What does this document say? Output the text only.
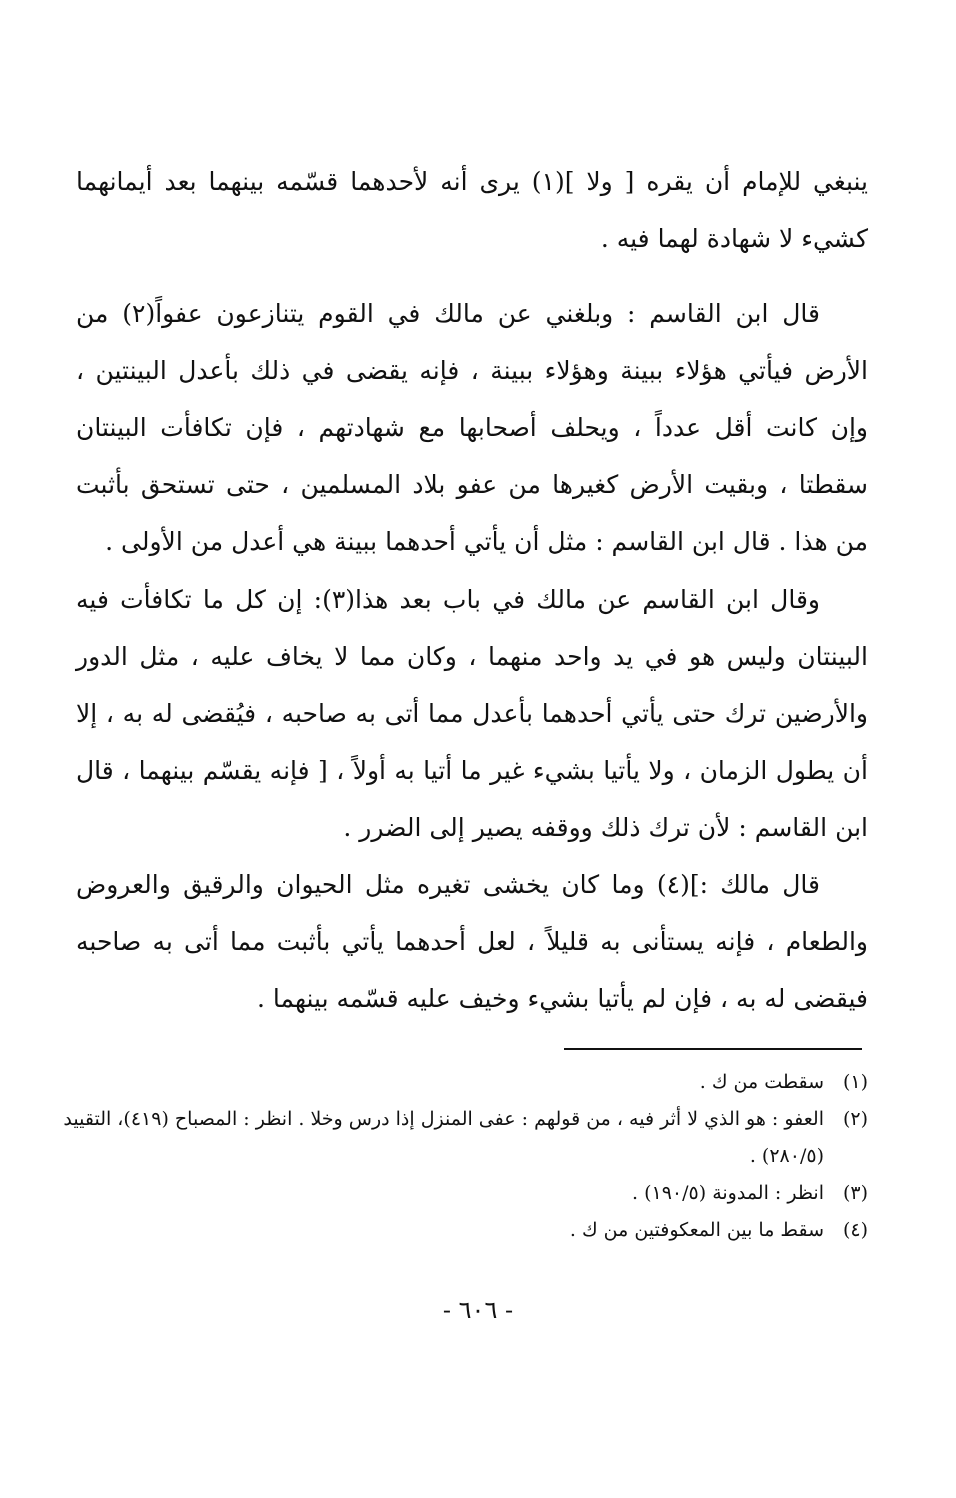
ينبغي للإمام أن يقره [ ولا ](١) يرى أنه لأحدهما قسّمه بينهما بعد أيمانهما كشيء لا شهادة لهما فيه .

قال ابن القاسم : وبلغني عن مالك في القوم يتنازعون عفواً(٢) من الأرض فيأتي هؤلاء ببينة وهؤلاء ببينة ، فإنه يقضى في ذلك بأعدل البينتين ، وإن كانت أقل عدداً ، ويحلف أصحابها مع شهادتهم ، فإن تكافأت البينتان سقطتا ، وبقيت الأرض كغيرها من عفو بلاد المسلمين ، حتى تستحق بأثبت من هذا . قال ابن القاسم : مثل أن يأتي أحدهما ببينة هي أعدل من الأولى .

وقال ابن القاسم عن مالك في باب بعد هذا(٣): إن كل ما تكافأت فيه البينتان وليس هو في يد واحد منهما ، وكان مما لا يخاف عليه ، مثل الدور والأرضين ترك حتى يأتي أحدهما بأعدل مما أتى به صاحبه ، فيُقضى له به ، إلا أن يطول الزمان ، ولا يأتيا بشيء غير ما أتيا به أولاً ، [ فإنه يقسّم بينهما ، قال ابن القاسم : لأن ترك ذلك ووقفه يصير إلى الضرر .

قال مالك :](٤) وما كان يخشى تغيره مثل الحيوان والرقيق والعروض والطعام ، فإنه يستأنى به قليلاً ، لعل أحدهما يأتي بأثبت مما أتى به صاحبه فيقضى له به ، فإن لم يأتيا بشيء وخيف عليه قسّمه بينهما .

(١)
سقطت من ك .

(٢)
العفو : هو الذي لا أثر فيه ، من قولهم : عفى المنزل إذا درس وخلا . انظر : المصباح (٤١٩)، التقييد (٢٨٠/٥) .

(٣)
انظر : المدونة (١٩٠/٥) .

(٤)
سقط ما بين المعكوفتين من ك .

- ٦٠٦ -
